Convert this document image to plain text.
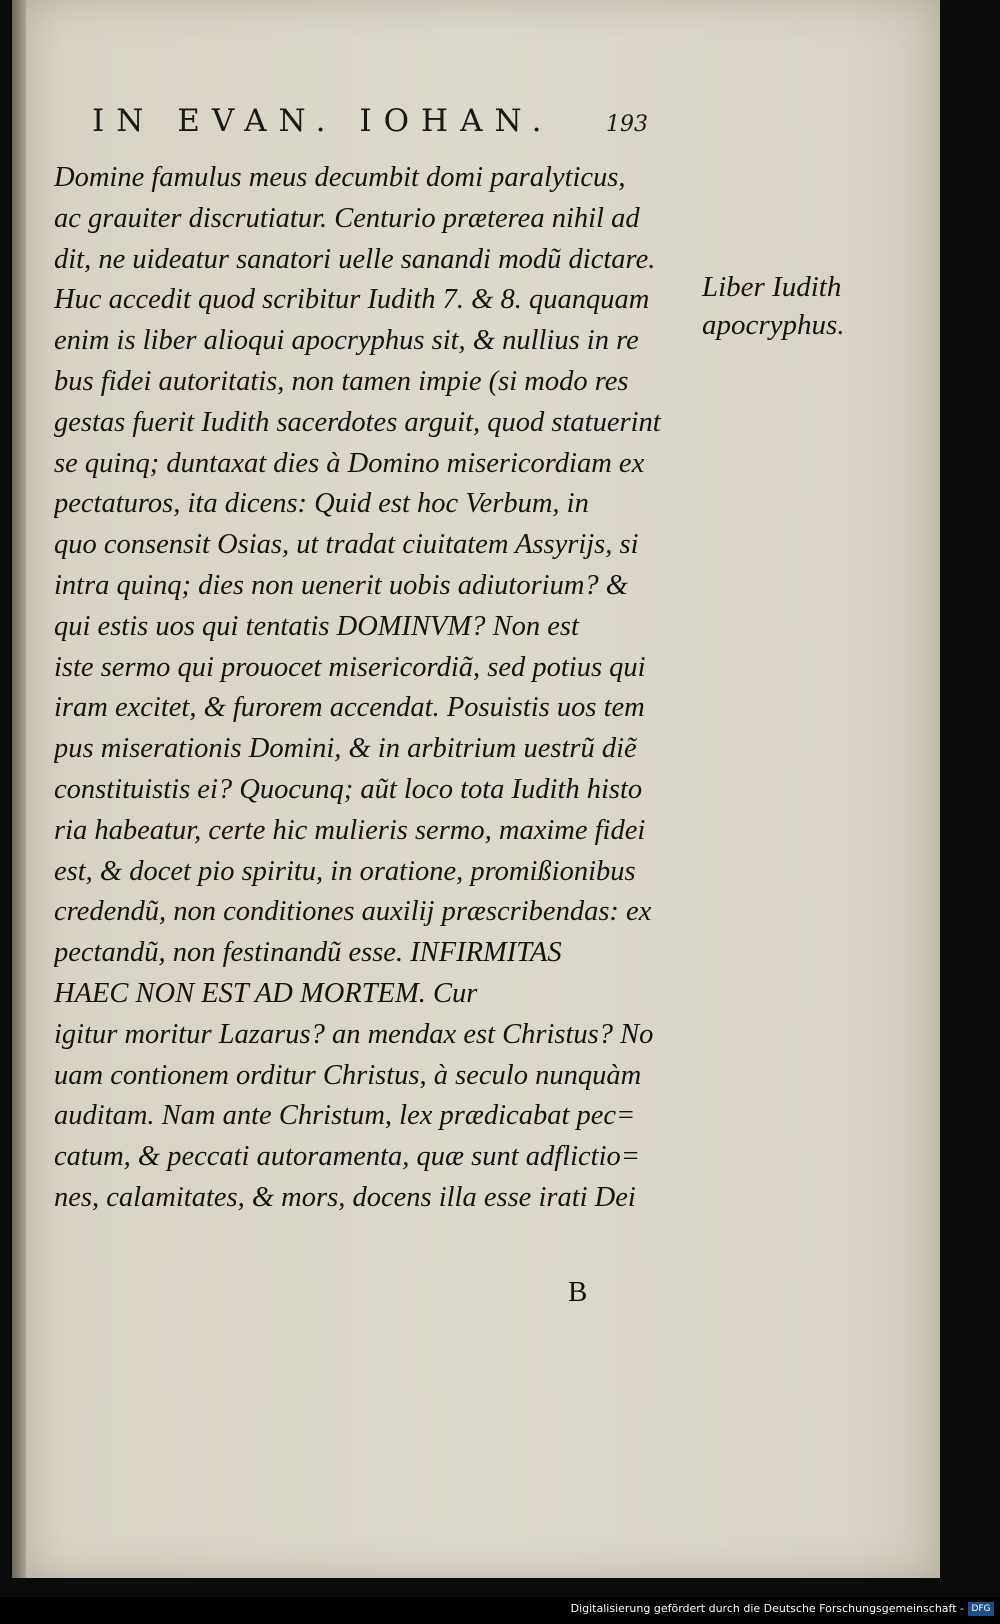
IN EVAN. IOHAN. 193
Domine famulus meus decumbit domi paralyticus,
ac grauiter discrutiatur. Centurio præterea nihil ad
dit, ne uideatur sanatori uelle sanandi modũ dictare.
Huc accedit quod scribitur Iudith 7. & 8. quanquam
enim is liber alioqui apocryphus sit, & nullius in re
bus fidei autoritatis, non tamen impie (si modo res
gestas fuerit Iudith sacerdotes arguit, quod statuerint
se quinq; duntaxat dies à Domino misericordiam ex
pectaturos, ita dicens: Quid est hoc Verbum, in
quo consensit Osias, ut tradat ciuitatem Assyrijs, si
intra quinq; dies non uenerit uobis adiutorium? &
qui estis uos qui tentatis DOMINVM? Non est
iste sermo qui prouocet misericordiã, sed potius qui
iram excitet, & furorem accendat. Posuistis uos tem
pus miserationis Domini, & in arbitrium uestrũ diẽ
constituistis ei? Quocunq; aũt loco tota Iudith histo
ria habeatur, certe hic mulieris sermo, maxime fidei
est, & docet pio spiritu, in oratione, promißionibus
credendũ, non conditiones auxilij præscribendas: ex
pectandũ, non festinandũ esse. INFIRMITAS
HAEC NON EST AD MORTEM. Cur
igitur moritur Lazarus? an mendax est Christus? No
uam contionem orditur Christus, à seculo nunquàm
auditam. Nam ante Christum, lex prædicabat pec=
catum, & peccati autoramenta, quæ sunt adflictio=
nes, calamitates, & mors, docens illa esse irati Dei
Liber Iudith
apocryphus.
B
Digitalisierung gefördert durch die Deutsche Forschungsgemeinschaft - DFG
